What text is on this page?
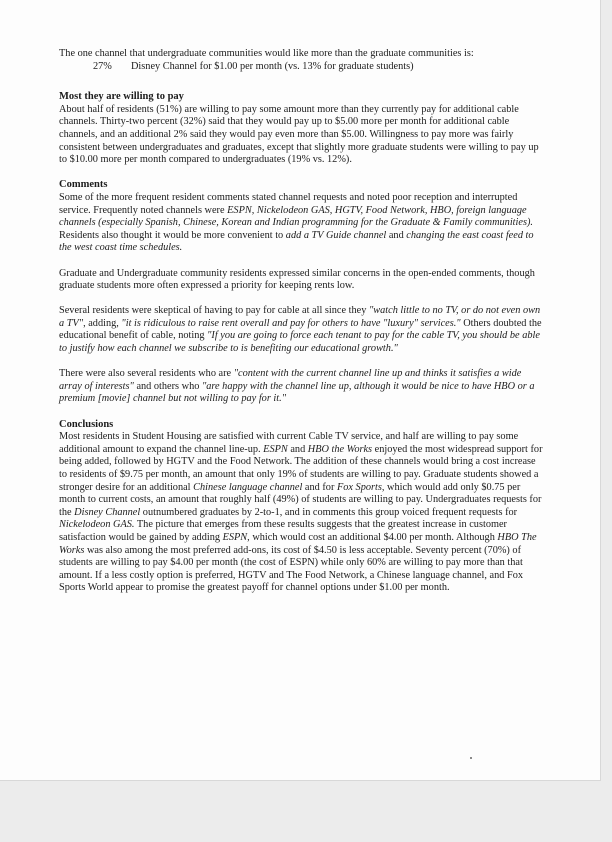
The one channel that undergraduate communities would like more than the graduate communities is:

27% Disney Channel for $1.00 per month (vs. 13% for graduate students)
Most they are willing to pay

About half of residents (51%) are willing to pay some amount more than they currently pay for additional cable channels. Thirty-two percent (32%) said that they would pay up to $5.00 more per month for additional cable channels, and an additional 2% said they would pay even more than $5.00. Willingness to pay more was fairly consistent between undergraduates and graduates, except that slightly more graduate students were willing to pay up to $10.00 more per month compared to undergraduates (19% vs. 12%).

Comments

Some of the more frequent resident comments stated channel requests and noted poor reception and interrupted service. Frequently noted channels were ESPN, Nickelodeon GAS, HGTV, Food Network, HBO, foreign language channels (especially Spanish, Chinese, Korean and Indian programming for the Graduate & Family communities). Residents also thought it would be more convenient to add a TV Guide channel and changing the east coast feed to the west coast time schedules.

Graduate and Undergraduate community residents expressed similar concerns in the open-ended comments, though graduate students more often expressed a priority for keeping rents low.

Several residents were skeptical of having to pay for cable at all since they "watch little to no TV, or do not even own a TV", adding, "it is ridiculous to raise rent overall and pay for others to have "luxury" services." Others doubted the educational benefit of cable, noting "If you are going to force each tenant to pay for the cable TV, you should be able to justify how each channel we subscribe to is benefiting our educational growth."

There were also several residents who are "content with the current channel line up and thinks it satisfies a wide array of interests" and others who "are happy with the channel line up, although it would be nice to have HBO or a premium [movie] channel but not willing to pay for it."

Conclusions

Most residents in Student Housing are satisfied with current Cable TV service, and half are willing to pay some additional amount to expand the channel line-up. ESPN and HBO the Works enjoyed the most widespread support for being added, followed by HGTV and the Food Network. The addition of these channels would bring a cost increase to residents of $9.75 per month, an amount that only 19% of students are willing to pay. Graduate students showed a stronger desire for an additional Chinese language channel and for Fox Sports, which would add only $0.75 per month to current costs, an amount that roughly half (49%) of students are willing to pay. Undergraduates requests for the Disney Channel outnumbered graduates by 2-to-1, and in comments this group voiced frequent requests for Nickelodeon GAS. The picture that emerges from these results suggests that the greatest increase in customer satisfaction would be gained by adding ESPN, which would cost an additional $4.00 per month. Although HBO The Works was also among the most preferred add-ons, its cost of $4.50 is less acceptable. Seventy percent (70%) of students are willing to pay $4.00 per month (the cost of ESPN) while only 60% are willing to pay more than that amount. If a less costly option is preferred, HGTV and The Food Network, a Chinese language channel, and Fox Sports World appear to promise the greatest payoff for channel options under $1.00 per month.
